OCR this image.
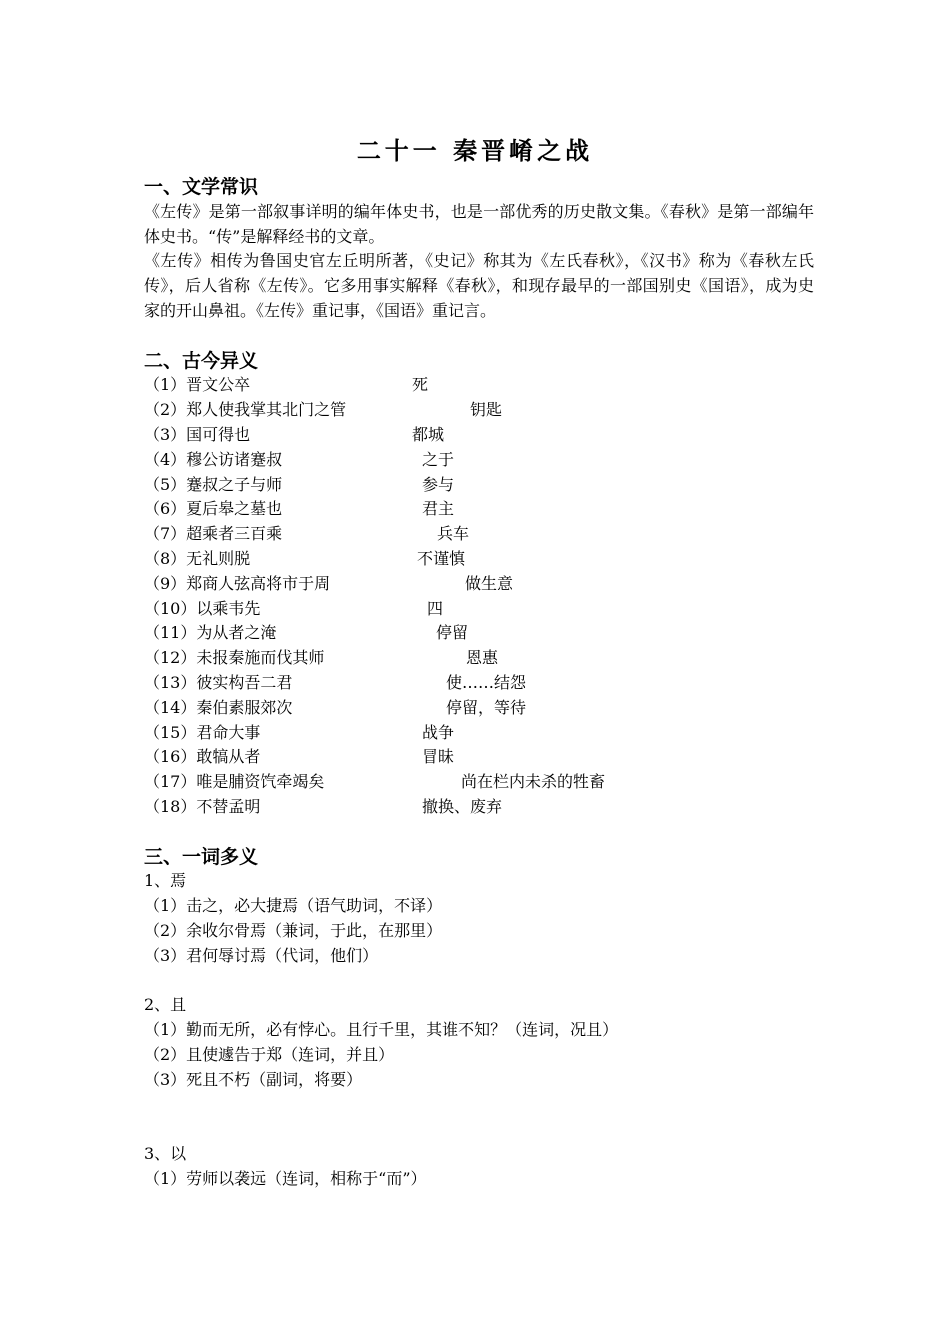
二十一 秦晋崤之战
一、文学常识
《左传》是第一部叙事详明的编年体史书，也是一部优秀的历史散文集。《春秋》是第一部编年体史书。“传”是解释经书的文章。
《左传》相传为鲁国史官左丘明所著，《史记》称其为《左氏春秋》，《汉书》称为《春秋左氏传》，后人省称《左传》。它多用事实解释《春秋》，和现存最早的一部国别史《国语》，成为史家的开山鼻祖。《左传》重记事，《国语》重记言。
二、古今异义
（1）晋文公卒	死
（2）郑人使我掌其北门之管	钥匙
（3）国可得也	都城
（4）穆公访诸蹇叔	之于
（5）蹇叔之子与师	参与
（6）夏后皋之墓也	君主
（7）超乘者三百乘	兵车
（8）无礼则脱	不谨慎
（9）郑商人弦高将市于周	做生意
（10）以乘韦先	四
（11）为从者之淹	停留
（12）未报秦施而伐其师	恩惠
（13）彼实构吾二君	使……结怨
（14）秦伯素服郊次	停留，等待
（15）君命大事	战争
（16）敢犒从者	冒昧
（17）唯是脯资饩牵竭矣	尚在栏内未杀的牲畜
（18）不替孟明	撤换、废弃
三、一词多义
1、焉
（1）击之，必大捷焉（语气助词，不译）
（2）余收尔骨焉（兼词，于此，在那里）
（3）君何辱讨焉（代词，他们）
2、且
（1）勤而无所，必有悖心。且行千里，其谁不知？（连词，况且）
（2）且使遽告于郑（连词，并且）
（3）死且不朽（副词，将要）
3、以
（1）劳师以袭远（连词，相称于“而”）
